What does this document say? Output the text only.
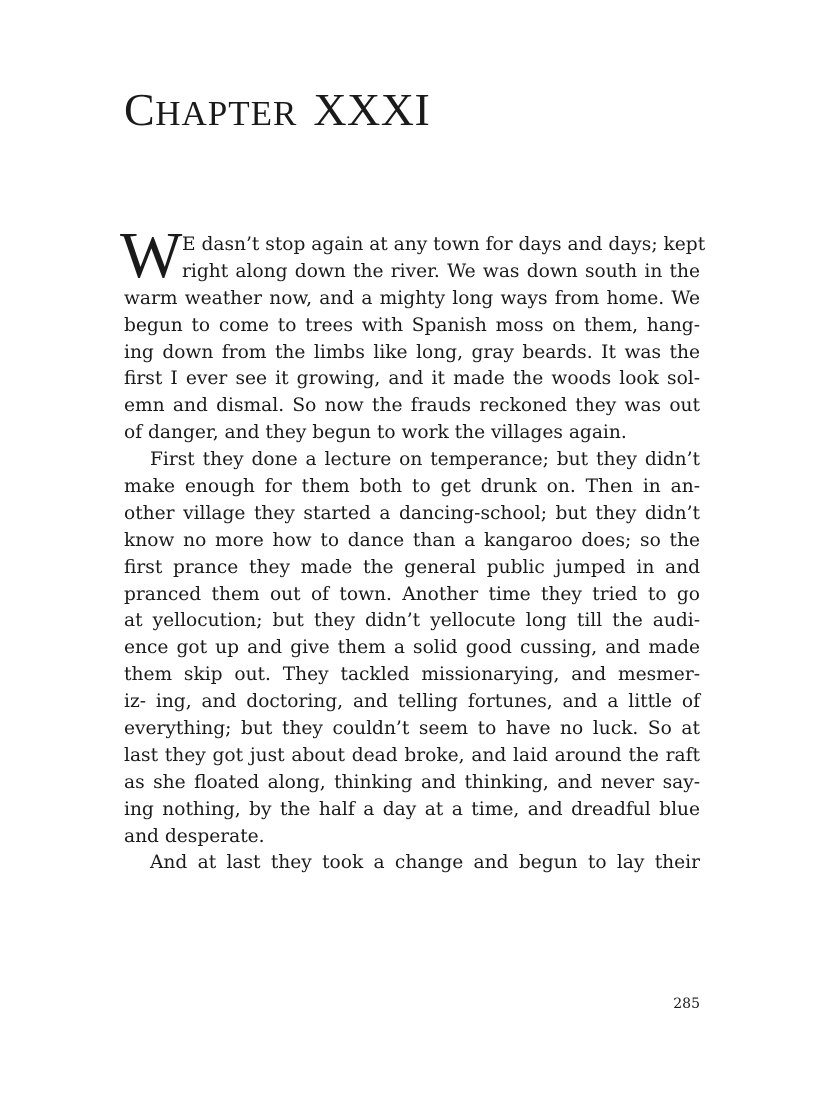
CHAPTER XXXI
W E dasn’t stop again at any town for days and days; kept
right along down the river. We was down south in the
warm weather now, and a mighty long ways from home. We
begun to come to trees with Spanish moss on them, hang-
ing down from the limbs like long, gray beards. It was the
first I ever see it growing, and it made the woods look sol-
emn and dismal. So now the frauds reckoned they was out
of danger, and they begun to work the villages again.
First they done a lecture on temperance; but they didn’t
make enough for them both to get drunk on. Then in an-
other village they started a dancing-school; but they didn’t
know no more how to dance than a kangaroo does; so the
first prance they made the general public jumped in and
pranced them out of town. Another time they tried to go
at yellocution; but they didn’t yellocute long till the audi-
ence got up and give them a solid good cussing, and made
them skip out. They tackled missionarying, and mesmer-
iz- ing, and doctoring, and telling fortunes, and a little of
everything; but they couldn’t seem to have no luck. So at
last they got just about dead broke, and laid around the raft
as she floated along, thinking and thinking, and never say-
ing nothing, by the half a day at a time, and dreadful blue
and desperate.
And at last they took a change and begun to lay their
285
